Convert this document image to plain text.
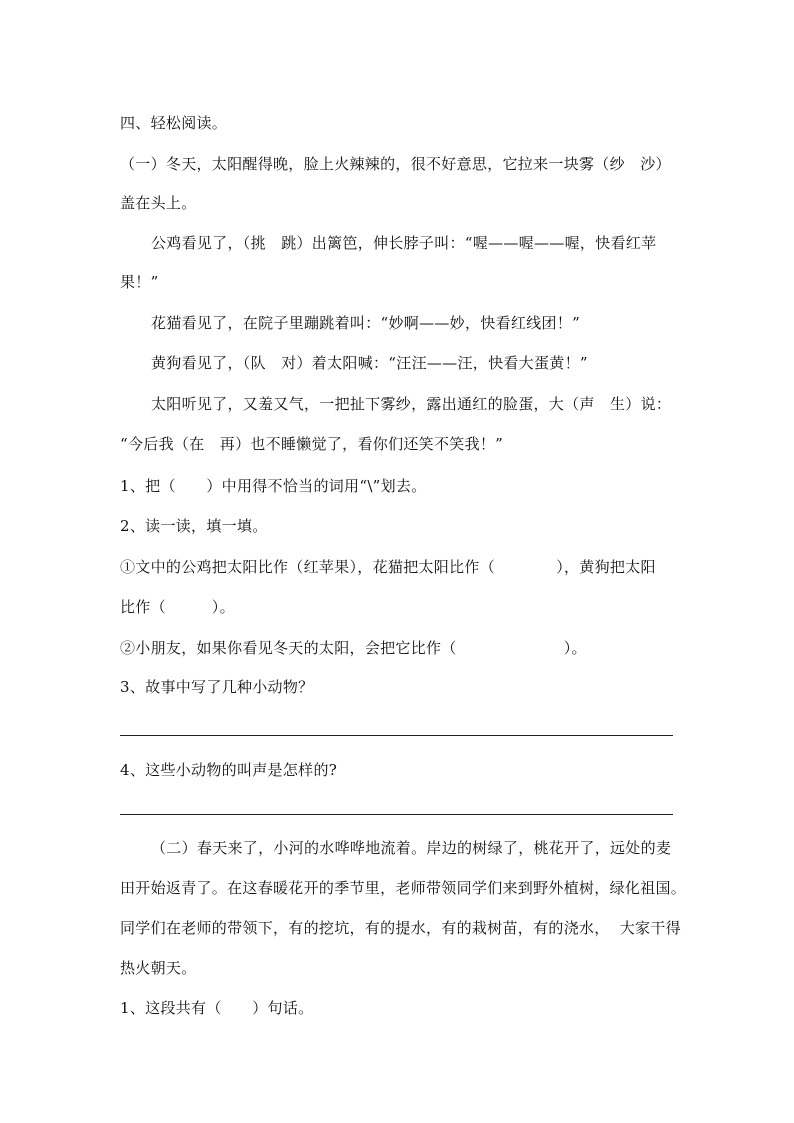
四、轻松阅读。
（一）冬天，太阳醒得晚，脸上火辣辣的，很不好意思，它拉来一块雾（纱　沙）
盖在头上。
公鸡看见了，（挑　跳）出篱笆，伸长脖子叫：“喔——喔——喔，快看红苹
果！”
花猫看见了，在院子里蹦跳着叫：“妙啊——妙，快看红线团！”
黄狗看见了，（队　对）着太阳喊：“汪汪——汪，快看大蛋黄！”
太阳听见了，又羞又气，一把扯下雾纱，露出通红的脸蛋，大（声　生）说：
“今后我（在　再）也不睡懒觉了，看你们还笑不笑我！”
1、把（　　）中用得不恰当的词用“\”划去。
2、读一读，填一填。
①文中的公鸡把太阳比作（红苹果），花猫把太阳比作（　　　　），黄狗把太阳
比作（　　　）。
②小朋友，如果你看见冬天的太阳，会把它比作（　　　　　　　）。
3、故事中写了几种小动物？
4、这些小动物的叫声是怎样的?
（二）春天来了，小河的水哗哗地流着。岸边的树绿了，桃花开了，远处的麦
田开始返青了。在这春暖花开的季节里，老师带领同学们来到野外植树，绿化祖国。
同学们在老师的带领下，有的挖坑，有的提水，有的栽树苗，有的浇水，  大家干得
热火朝天。
1、这段共有（　　）句话。
